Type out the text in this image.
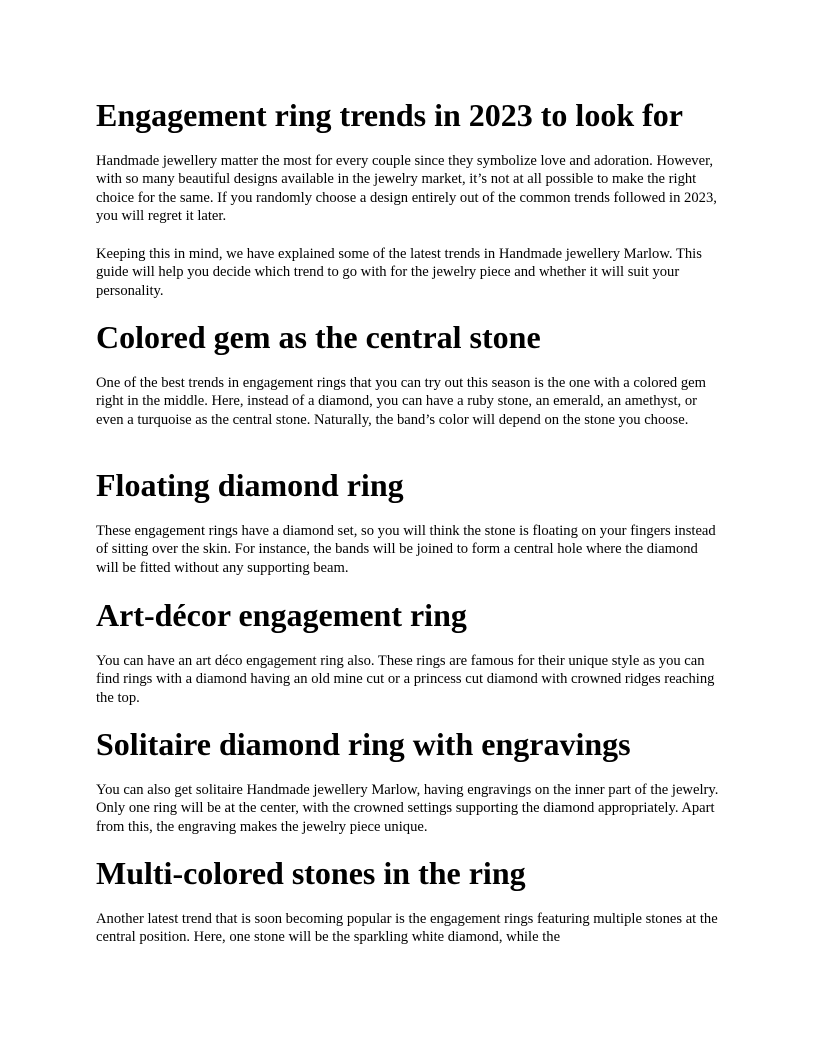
Engagement ring trends in 2023 to look for

Handmade jewellery matter the most for every couple since they symbolize love and adoration. However, with so many beautiful designs available in the jewelry market, it’s not at all possible to make the right choice for the same. If you randomly choose a design entirely out of the common trends followed in 2023, you will regret it later.

Keeping this in mind, we have explained some of the latest trends in Handmade jewellery Marlow. This guide will help you decide which trend to go with for the jewelry piece and whether it will suit your personality.

Colored gem as the central stone

One of the best trends in engagement rings that you can try out this season is the one with a colored gem right in the middle. Here, instead of a diamond, you can have a ruby stone, an emerald, an amethyst, or even a turquoise as the central stone. Naturally, the band’s color will depend on the stone you choose.

Floating diamond ring

These engagement rings have a diamond set, so you will think the stone is floating on your fingers instead of sitting over the skin. For instance, the bands will be joined to form a central hole where the diamond will be fitted without any supporting beam.

Art-décor engagement ring

You can have an art déco engagement ring also. These rings are famous for their unique style as you can find rings with a diamond having an old mine cut or a princess cut diamond with crowned ridges reaching the top.

Solitaire diamond ring with engravings

You can also get solitaire Handmade jewellery Marlow, having engravings on the inner part of the jewelry. Only one ring will be at the center, with the crowned settings supporting the diamond appropriately. Apart from this, the engraving makes the jewelry piece unique.

Multi-colored stones in the ring

Another latest trend that is soon becoming popular is the engagement rings featuring multiple stones at the central position. Here, one stone will be the sparkling white diamond, while the
